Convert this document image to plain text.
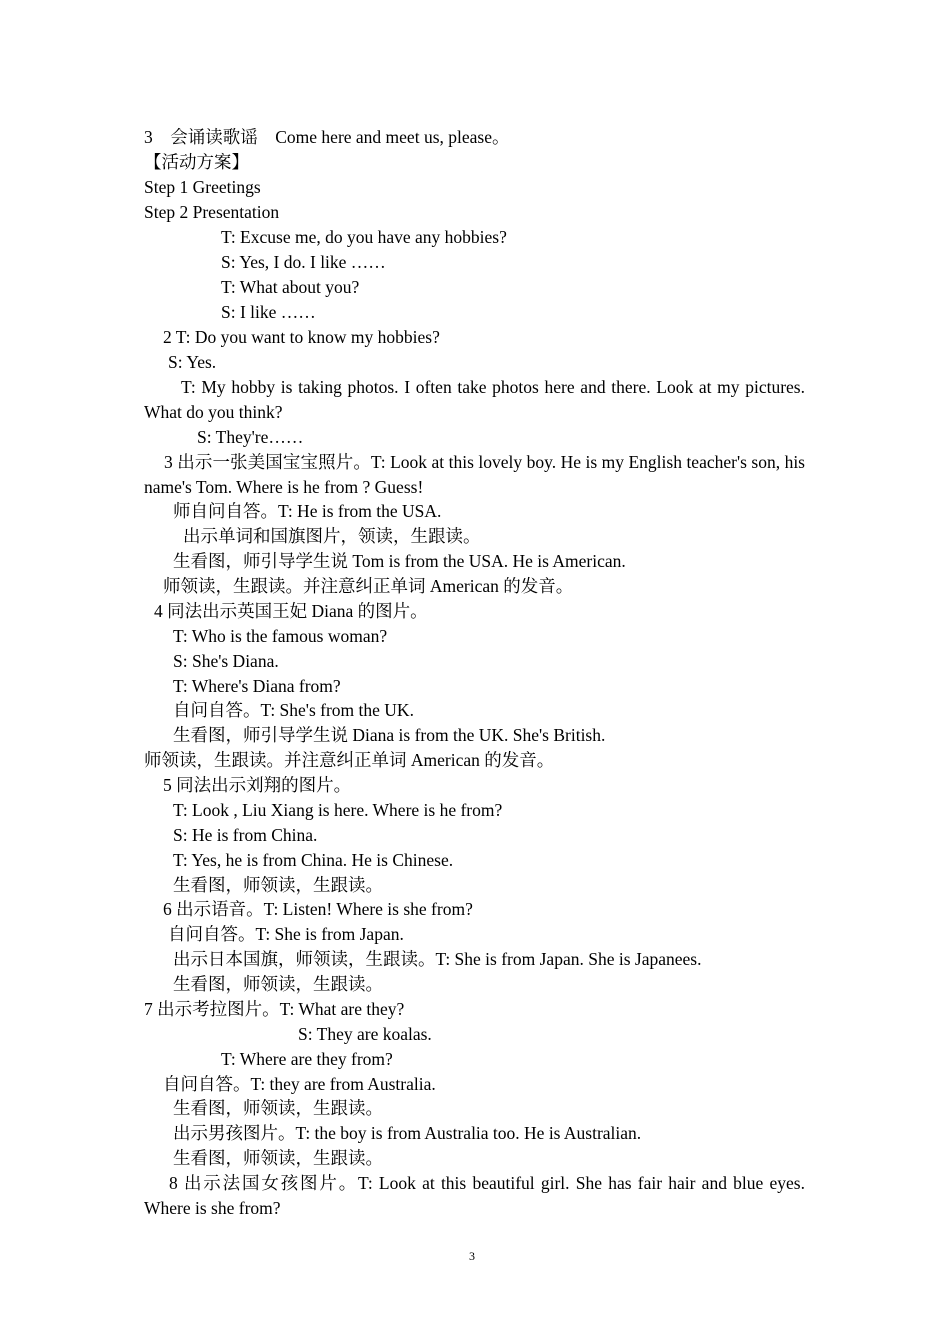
3　会诵读歌谣　Come here and meet us, please。
【活动方案】
Step 1 Greetings
Step 2 Presentation
T: Excuse me, do you have any hobbies?
S: Yes, I do. I like ……
T: What about you?
S: I like ……
2 T: Do you want to know my hobbies?
S: Yes.
T: My hobby is taking photos. I often take photos here and there. Look at my pictures. What do you think?
S: They're……
3 出示一张美国宝宝照片。T: Look at this lovely boy. He is my English teacher's son, his name's Tom. Where is he from ? Guess!
师自问自答。T: He is from the USA.
出示单词和国旗图片，领读，生跟读。
生看图，师引导学生说 Tom is from the USA. He is American.
师领读，生跟读。并注意纠正单词 American 的发音。
4 同法出示英国王妃 Diana 的图片。
T: Who is the famous woman?
S: She's Diana.
T: Where's Diana from?
自问自答。T: She's from the UK.
生看图，师引导学生说 Diana is from the UK. She's British.
师领读，生跟读。并注意纠正单词 American 的发音。
5 同法出示刘翔的图片。
T: Look , Liu Xiang is here. Where is he from?
S: He is from China.
T: Yes, he is from China. He is Chinese.
生看图，师领读，生跟读。
6 出示语音。T: Listen! Where is she from?
自问自答。T: She is from Japan.
出示日本国旗，师领读，生跟读。T: She is from Japan. She is Japanees.
生看图，师领读，生跟读。
7 出示考拉图片。T: What are they?
S: They are koalas.
T: Where are they from?
自问自答。T: they are from Australia.
生看图，师领读，生跟读。
出示男孩图片。T: the boy is from Australia too. He is Australian.
生看图，师领读，生跟读。
8 出示法国女孩图片。T: Look at this beautiful girl. She has fair hair and blue eyes. Where is she from?
3
